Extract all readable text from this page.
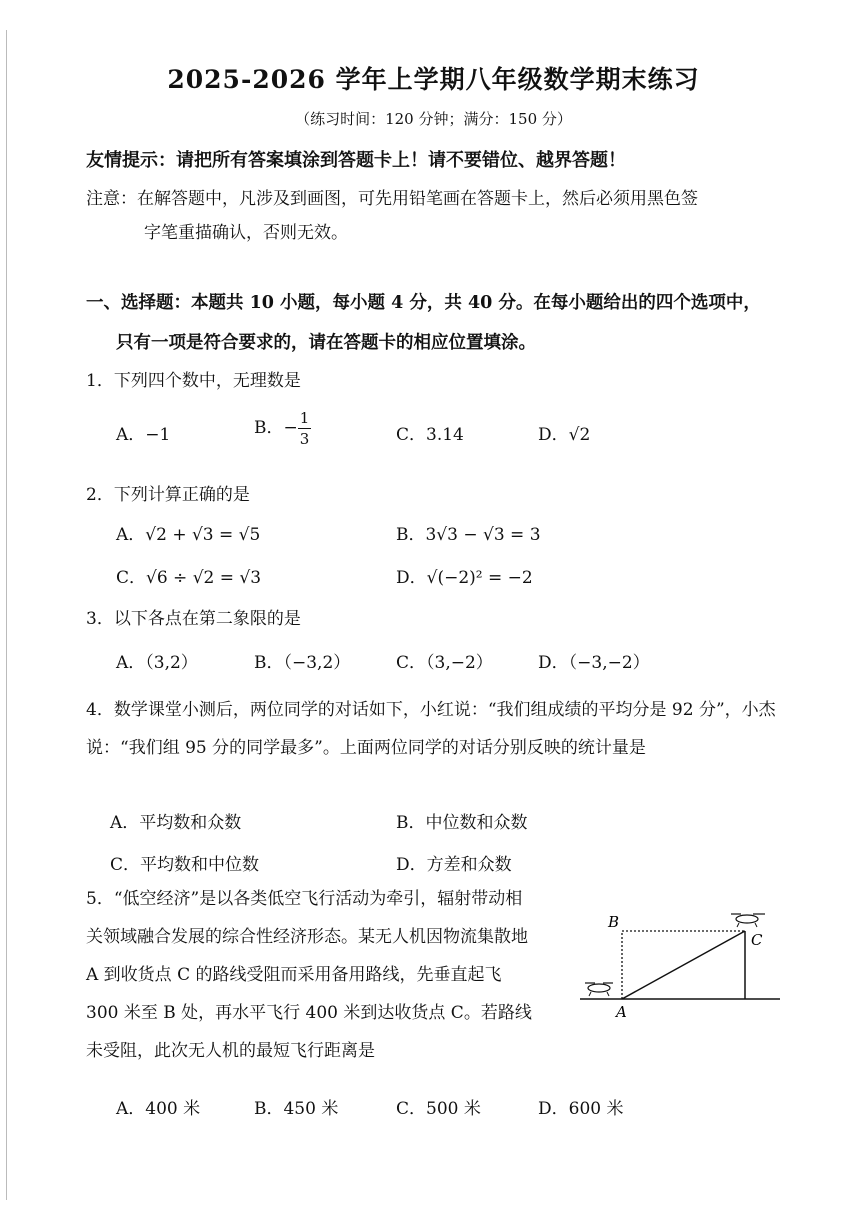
2025-2026 学年上学期八年级数学期末练习
（练习时间：120 分钟；满分：150 分）
友情提示：请把所有答案填涂到答题卡上！请不要错位、越界答题！
注意：在解答题中，凡涉及到画图，可先用铅笔画在答题卡上，然后必须用黑色签
字笔重描确认，否则无效。
一、选择题：本题共 10 小题，每小题 4 分，共 40 分。在每小题给出的四个选项中，
只有一项是符合要求的，请在答题卡的相应位置填涂。
1．下列四个数中，无理数是
A．−1	B．− $\frac{1}{3}$	C．3.14	D．√2
2．下列计算正确的是
A．√2 + √3 = √5	B．3√3 − √3 = 3
C．√6 ÷ √2 = √3	D．√(−2)² = −2
3．以下各点在第二象限的是
A．（3,2）	B．（−3,2）	C．（3,−2）	D．（−3,−2）
4．数学课堂小测后，两位同学的对话如下，小红说：“我们组成绩的平均分是 92 分”，小杰说：“我们组 95 分的同学最多”。上面两位同学的对话分别反映的统计量是
A．平均数和众数	B．中位数和众数
C．平均数和中位数	D．方差和众数
5．“低空经济”是以各类低空飞行活动为牵引，辐射带动相关领域融合发展的综合性经济形态。某无人机因物流集散地 A 到收货点 C 的路线受阻而采用备用路线，先垂直起飞 300 米至 B 处，再水平飞行 400 米到达收货点 C。若路线未受阻，此次无人机的最短飞行距离是
A
B
C
A．400 米	B．450 米	C．500 米	D．600 米
